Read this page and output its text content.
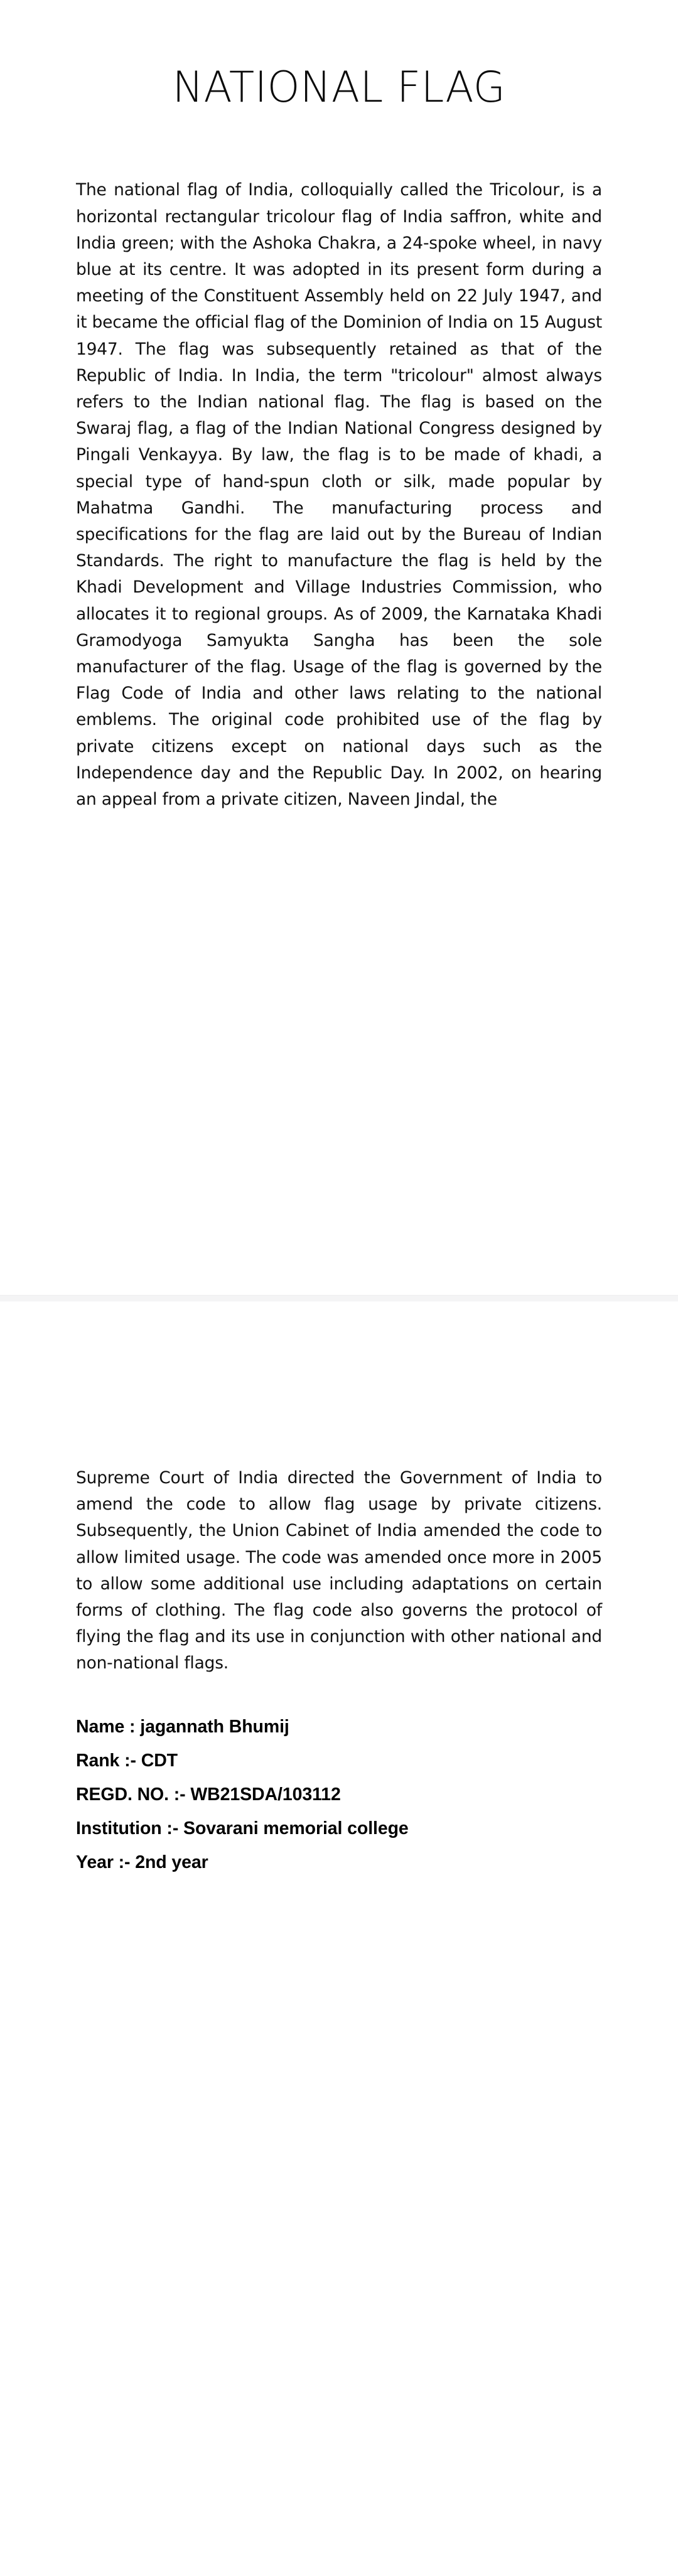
NATIONAL FLAG

The national flag of India, colloquially called the Tricolour, is a horizontal rectangular tricolour flag of India saffron, white and India green; with the Ashoka Chakra, a 24-spoke wheel, in navy blue at its centre. It was adopted in its present form during a meeting of the Constituent Assembly held on 22 July 1947, and it became the official flag of the Dominion of India on 15 August 1947. The flag was subsequently retained as that of the Republic of India. In India, the term "tricolour" almost always refers to the Indian national flag. The flag is based on the Swaraj flag, a flag of the Indian National Congress designed by Pingali Venkayya. By law, the flag is to be made of khadi, a special type of hand-spun cloth or silk, made popular by Mahatma Gandhi. The manufacturing process and specifications for the flag are laid out by the Bureau of Indian Standards. The right to manufacture the flag is held by the Khadi Development and Village Industries Commission, who allocates it to regional groups. As of 2009, the Karnataka Khadi Gramodyoga Samyukta Sangha has been the sole manufacturer of the flag. Usage of the flag is governed by the Flag Code of India and other laws relating to the national emblems. The original code prohibited use of the flag by private citizens except on national days such as the Independence day and the Republic Day. In 2002, on hearing an appeal from a private citizen, Naveen Jindal, the

Supreme Court of India directed the Government of India to amend the code to allow flag usage by private citizens. Subsequently, the Union Cabinet of India amended the code to allow limited usage. The code was amended once more in 2005 to allow some additional use including adaptations on certain forms of clothing. The flag code also governs the protocol of flying the flag and its use in conjunction with other national and non-national flags.

Name : jagannath Bhumij
Rank :- CDT
REGD. NO. :- WB21SDA/103112
Institution :- Sovarani memorial college
Year :- 2nd year
